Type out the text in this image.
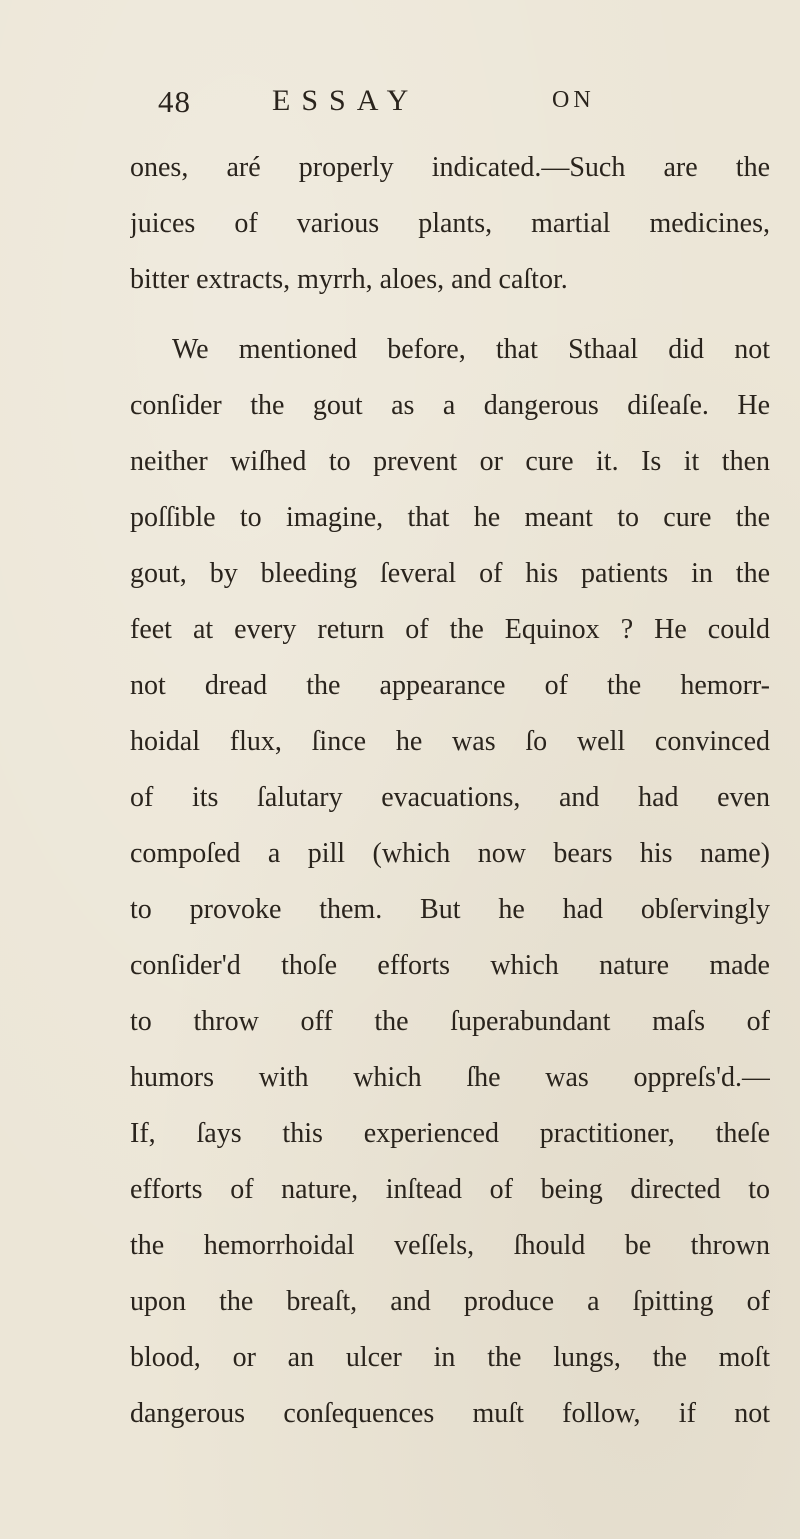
48	ESSAY	ON
ones, aré properly indicated.—Such are the
juices of various plants, martial medicines,
bitter extracts, myrrh, aloes, and caſtor.
We mentioned before, that Sthaal did not
conſider the gout as a dangerous diſeaſe. He
neither wiſhed to prevent or cure it. Is it then
poſſible to imagine, that he meant to cure the
gout, by bleeding ſeveral of his patients in the
feet at every return of the Equinox ? He could
not dread the appearance of the hemorr-
hoidal flux, ſince he was ſo well convinced
of its ſalutary evacuations, and had even
compoſed a pill (which now bears his name)
to provoke them. But he had obſervingly
conſider'd thoſe efforts which nature made
to throw off the ſuperabundant maſs of
humors with which ſhe was oppreſs'd.—
If, ſays this experienced practitioner, theſe
efforts of nature, inſtead of being directed to
the hemorrhoidal veſſels, ſhould be thrown
upon the breaſt, and produce a ſpitting of
blood, or an ulcer in the lungs, the moſt
dangerous conſequences muſt follow, if not
